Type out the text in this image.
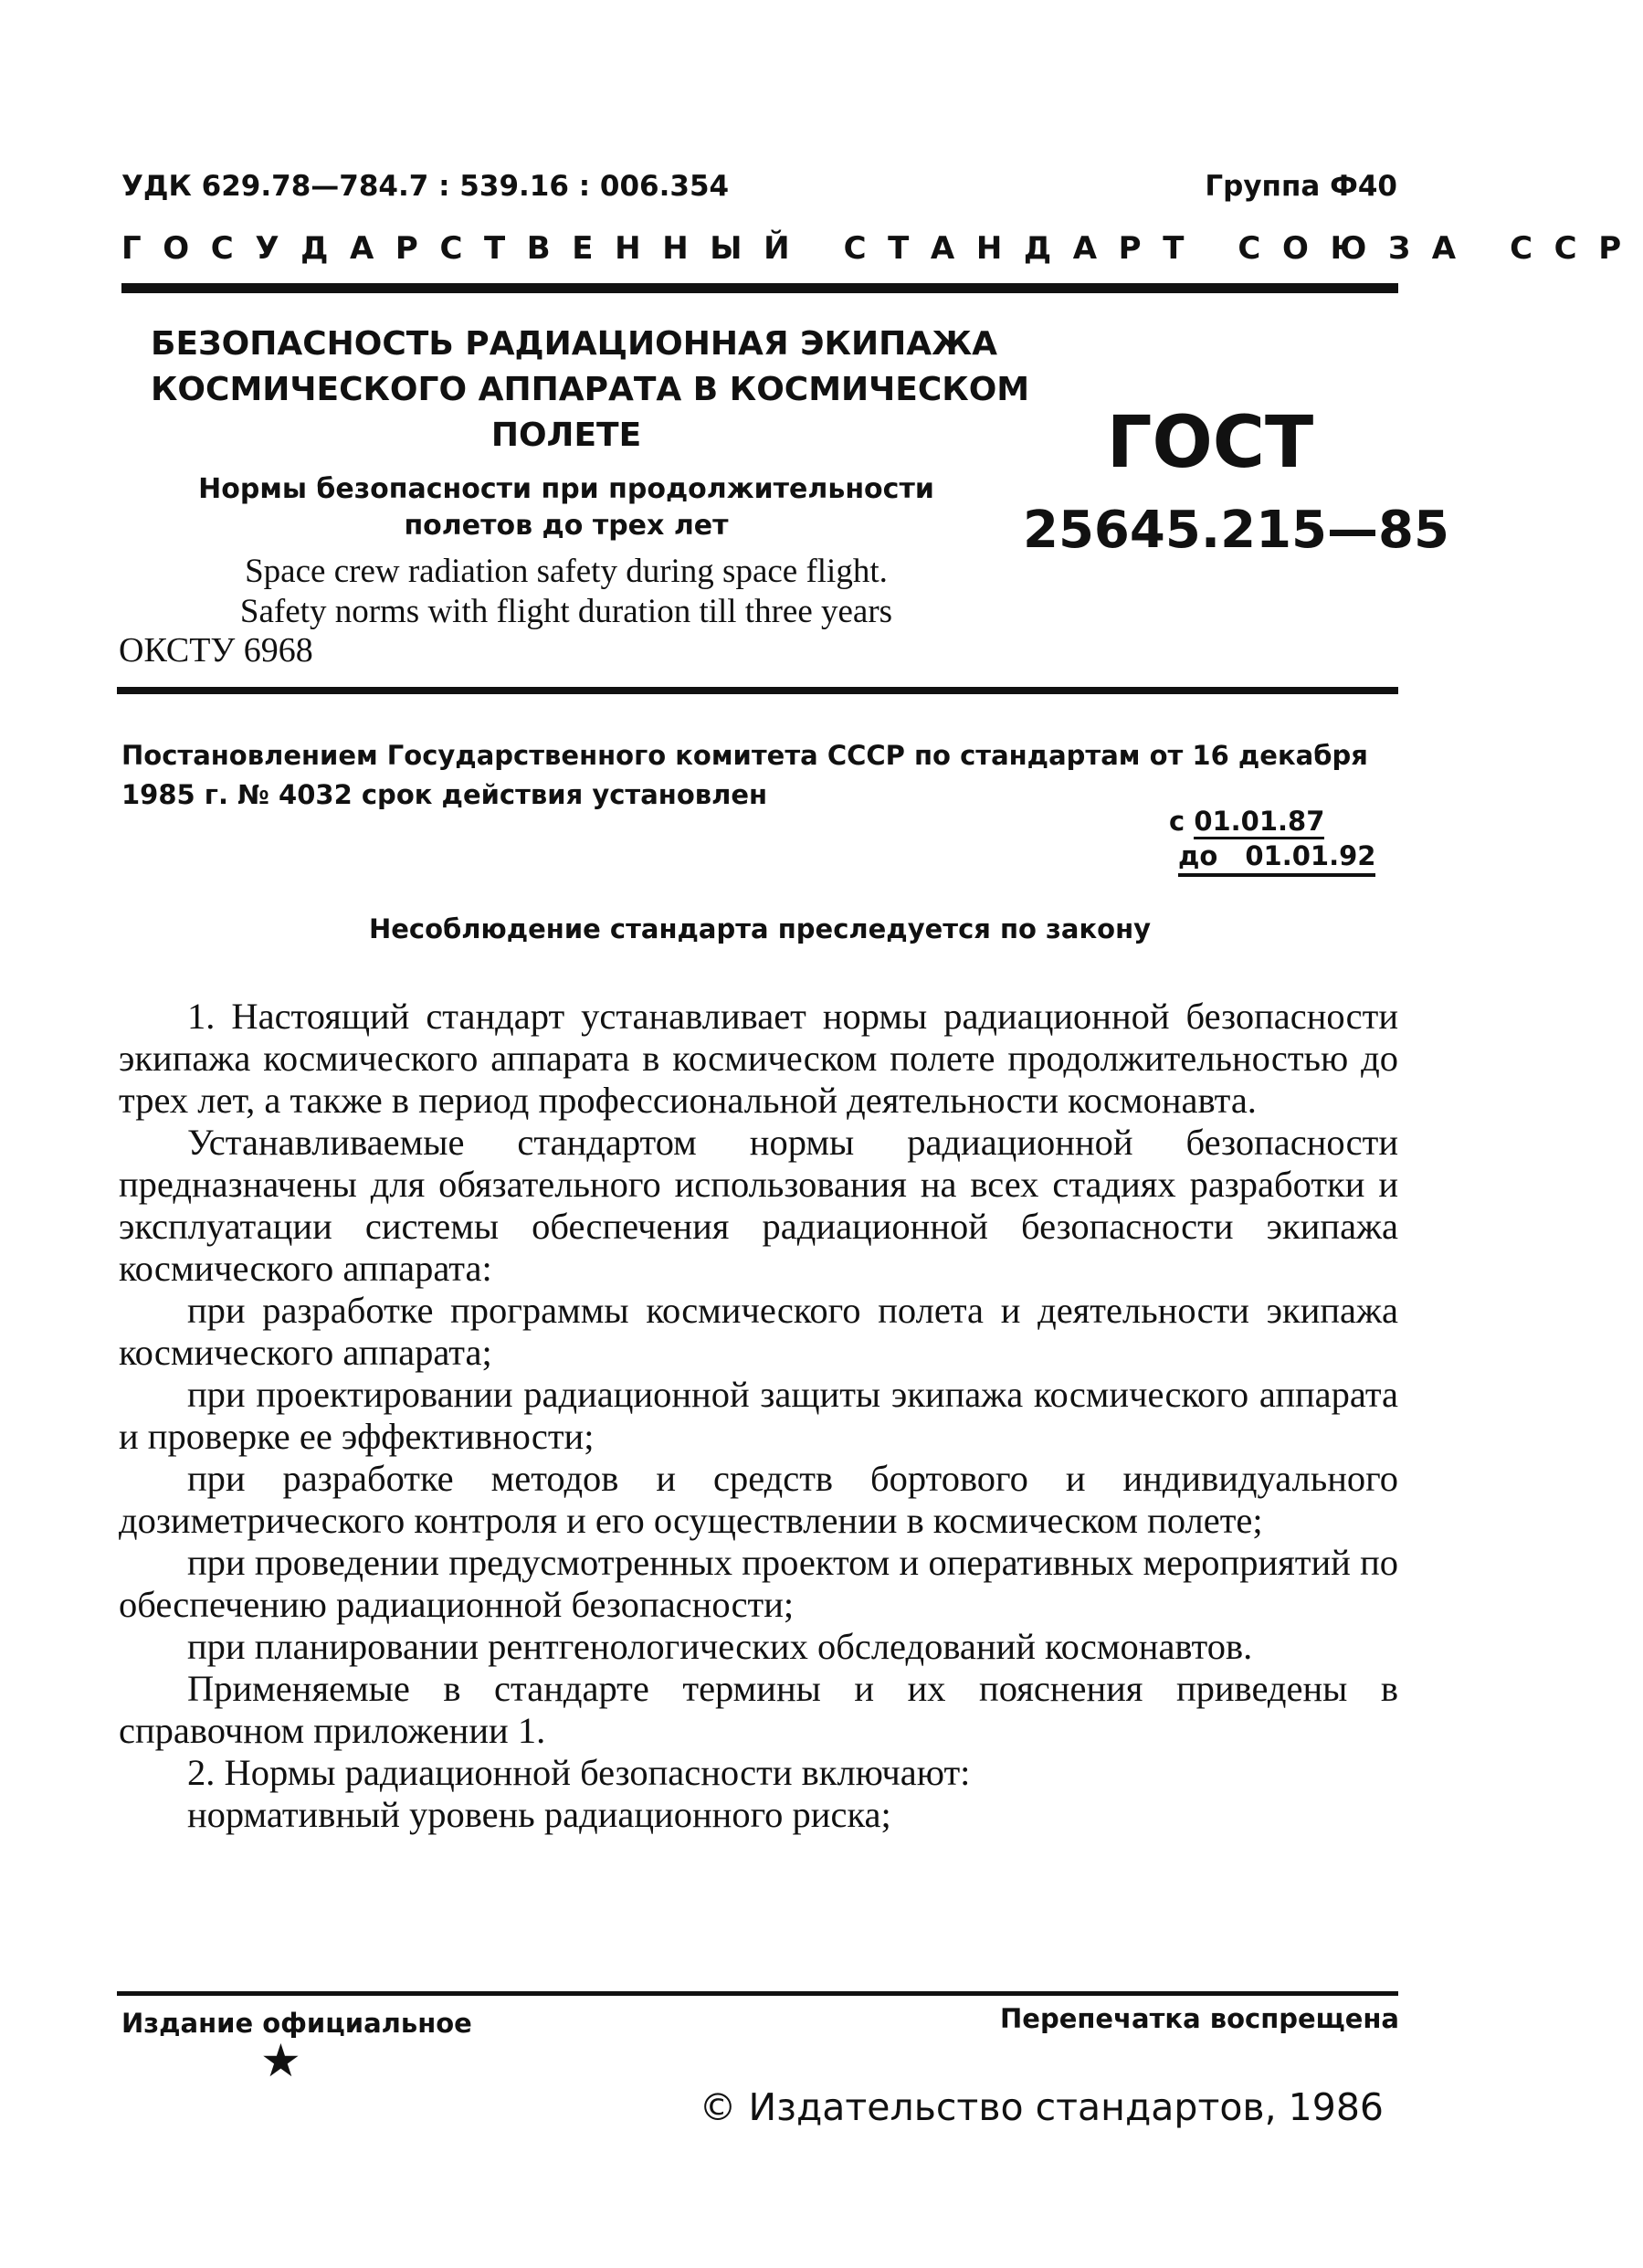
УДК 629.78—784.7 : 539.16 : 006.354	Группа Ф40
ГОСУДАРСТВЕННЫЙ СТАНДАРТ СОЮЗА ССР
БЕЗОПАСНОСТЬ РАДИАЦИОННАЯ ЭКИПАЖА
КОСМИЧЕСКОГО АППАРАТА В КОСМИЧЕСКОМ
ПОЛЕТЕ
Нормы безопасности при продолжительности
полетов до трех лет
Space crew radiation safety during space flight.
Safety norms with flight duration till three years
ГОСТ
25645.215—85
ОКСТУ 6968
Постановлением Государственного комитета СССР по стандартам от 16 декабря 1985 г. № 4032 срок действия установлен
с 01.01.87
до 01.01.92
Несоблюдение стандарта преследуется по закону

1. Настоящий стандарт устанавливает нормы радиационной безопасности экипажа космического аппарата в космическом полете продолжительностью до трех лет, а также в период профессиональной деятельности космонавта.

Устанавливаемые стандартом нормы радиационной безопасности предназначены для обязательного использования на всех стадиях разработки и эксплуатации системы обеспечения радиационной безопасности экипажа космического аппарата:

при разработке программы космического полета и деятельности экипажа космического аппарата;

при проектировании радиационной защиты экипажа космического аппарата и проверке ее эффективности;

при разработке методов и средств бортового и индивидуального дозиметрического контроля и его осуществлении в космическом полете;

при проведении предусмотренных проектом и оперативных мероприятий по обеспечению радиационной безопасности;

при планировании рентгенологических обследований космонавтов.

Применяемые в стандарте термины и их пояснения приведены в справочном приложении 1.

2. Нормы радиационной безопасности включают:

нормативный уровень радиационного риска;

Издание официальное	Перепечатка воспрещена
★
© Издательство стандартов, 1986
